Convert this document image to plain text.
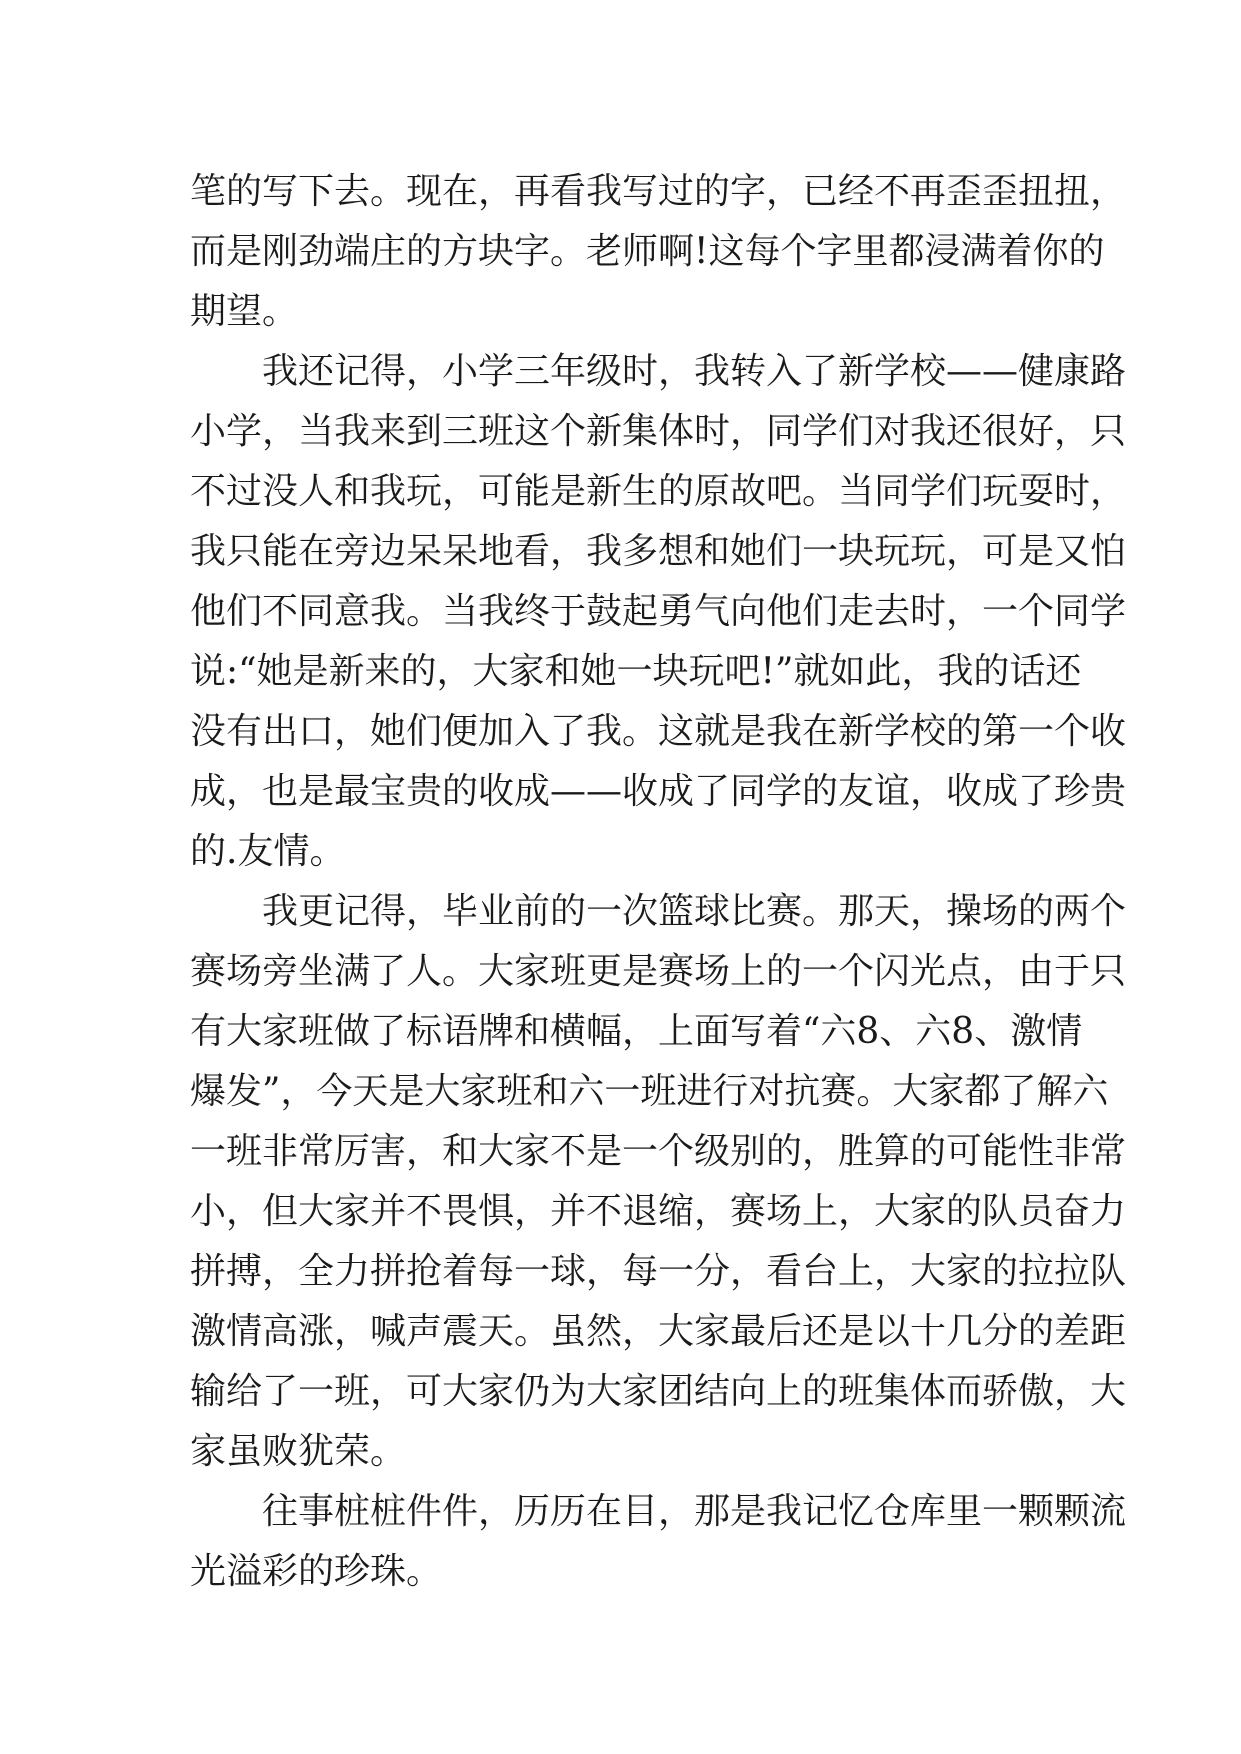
笔的写下去。现在，再看我写过的字，已经不再歪歪扭扭，
而是刚劲端庄的方块字。老师啊!这每个字里都浸满着你的
期望。
我还记得，小学三年级时，我转入了新学校——健康路
小学，当我来到三班这个新集体时，同学们对我还很好，只
不过没人和我玩，可能是新生的原故吧。当同学们玩耍时，
我只能在旁边呆呆地看，我多想和她们一块玩玩，可是又怕
他们不同意我。当我终于鼓起勇气向他们走去时，一个同学
说:“她是新来的，大家和她一块玩吧!”就如此，我的话还
没有出口，她们便加入了我。这就是我在新学校的第一个收
成，也是最宝贵的收成——收成了同学的友谊，收成了珍贵
的.友情。
我更记得，毕业前的一次篮球比赛。那天，操场的两个
赛场旁坐满了人。大家班更是赛场上的一个闪光点，由于只
有大家班做了标语牌和横幅，上面写着“六8、六8、激情
爆发”，今天是大家班和六一班进行对抗赛。大家都了解六
一班非常厉害，和大家不是一个级别的，胜算的可能性非常
小，但大家并不畏惧，并不退缩，赛场上，大家的队员奋力
拼搏，全力拼抢着每一球，每一分，看台上，大家的拉拉队
激情高涨，喊声震天。虽然，大家最后还是以十几分的差距
输给了一班，可大家仍为大家团结向上的班集体而骄傲，大
家虽败犹荣。
往事桩桩件件，历历在目，那是我记忆仓库里一颗颗流
光溢彩的珍珠。
